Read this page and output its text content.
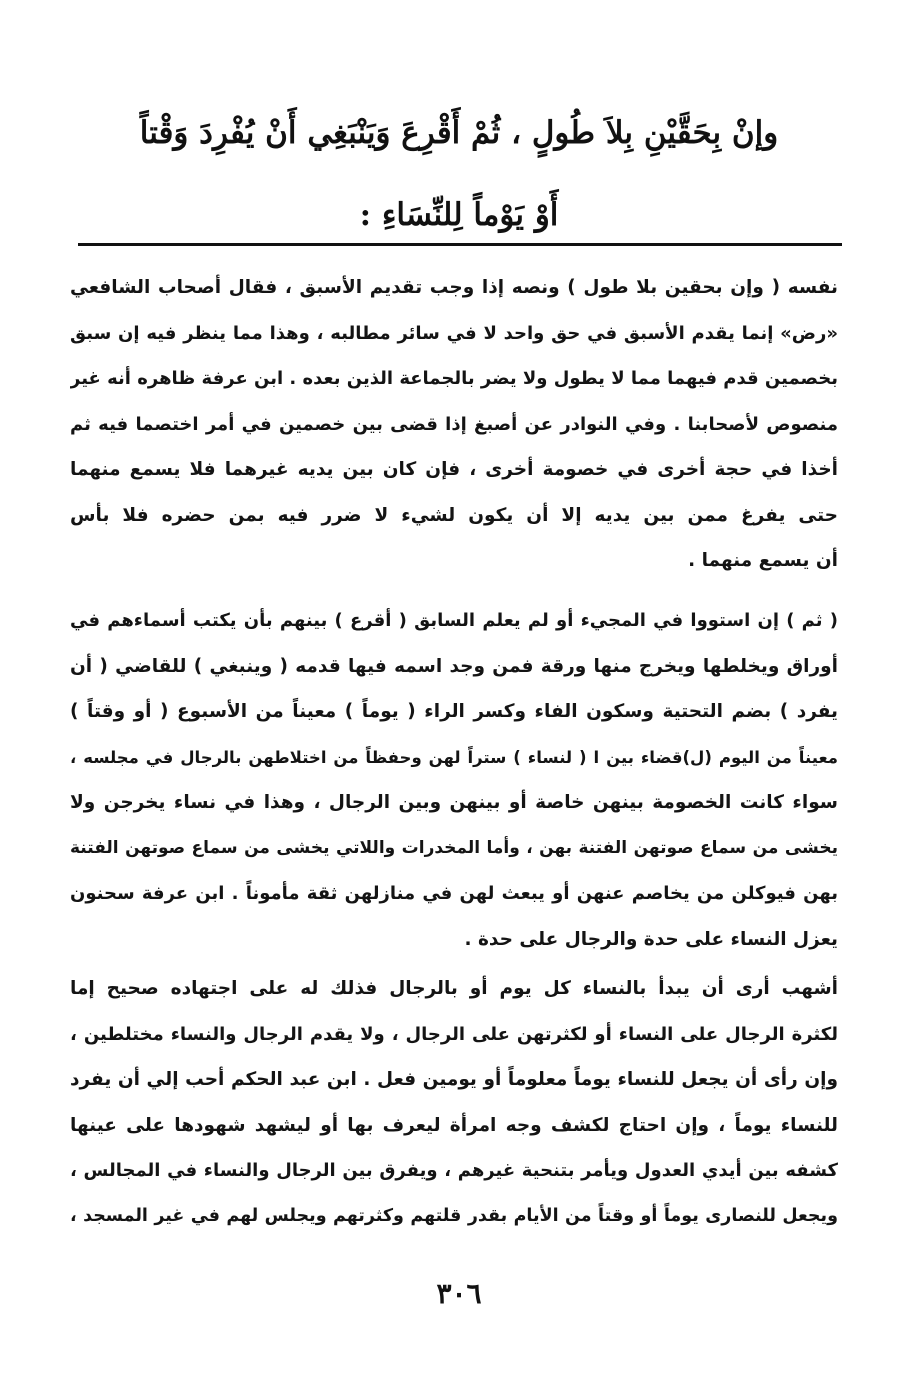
وإنْ بِحَقَّيْنِ بِلاَ طُولٍ ، ثُمْ أَقْرِعَ وَيَنْبَغِي أَنْ يُفْرِدَ وَقْتاً
أَوْ يَوْماً لِلنِّسَاءِ :
نفسه ( وإن بحقين بلا طول ) ونصه إذا وجب تقديم الأسبق ، فقال أصحاب الشافعي
«رض» إنما يقدم الأسبق في حق واحد لا في سائر مطالبه ، وهذا مما ينظر فيه إن سبق
بخصمين قدم فيهما مما لا يطول ولا يضر بالجماعة الذين بعده . ابن عرفة ظاهره أنه غير
منصوص لأصحابنا . وفي النوادر عن أصبغ إذا قضى بين خصمين في أمر اختصما فيه ثم
أخذا في حجة أخرى في خصومة أخرى ، فإن كان بين يديه غيرهما فلا يسمع منهما
حتى يفرغ ممن بين يديه إلا أن يكون لشيء لا ضرر فيه بمن حضره فلا بأس
أن يسمع منهما .
( ثم ) إن استووا في المجيء أو لم يعلم السابق ( أقرع ) بينهم بأن يكتب أسماءهم في
أوراق ويخلطها ويخرج منها ورقة فمن وجد اسمه فيها قدمه ( وينبغي ) للقاضي ( أن
يفرد ) بضم التحتية وسكون الفاء وكسر الراء ( يوماً ) معيناً من الأسبوع ( أو وقتاً )
معيناً من اليوم (ل)قضاء بين ا ( لنساء ) ستراً لهن وحفظاً من اختلاطهن بالرجال في مجلسه ،
سواء كانت الخصومة بينهن خاصة أو بينهن وبين الرجال ، وهذا في نساء يخرجن ولا
يخشى من سماع صوتهن الفتنة بهن ، وأما المخدرات واللاتي يخشى من سماع صوتهن الفتنة
بهن فيوكلن من يخاصم عنهن أو يبعث لهن في منازلهن ثقة مأموناً . ابن عرفة سحنون
يعزل النساء على حدة والرجال على حدة .
أشهب أرى أن يبدأ بالنساء كل يوم أو بالرجال فذلك له على اجتهاده صحيح إما
لكثرة الرجال على النساء أو لكثرتهن على الرجال ، ولا يقدم الرجال والنساء مختلطين ،
وإن رأى أن يجعل للنساء يوماً معلوماً أو يومين فعل . ابن عبد الحكم أحب إلي أن يفرد
للنساء يوماً ، وإن احتاج لكشف وجه امرأة ليعرف بها أو ليشهد شهودها على عينها
كشفه بين أيدي العدول ويأمر بتنحية غيرهم ، ويفرق بين الرجال والنساء في المجالس ،
ويجعل للنصارى يوماً أو وقتاً من الأيام بقدر قلتهم وكثرتهم ويجلس لهم في غير المسجد ،
٣٠٦
